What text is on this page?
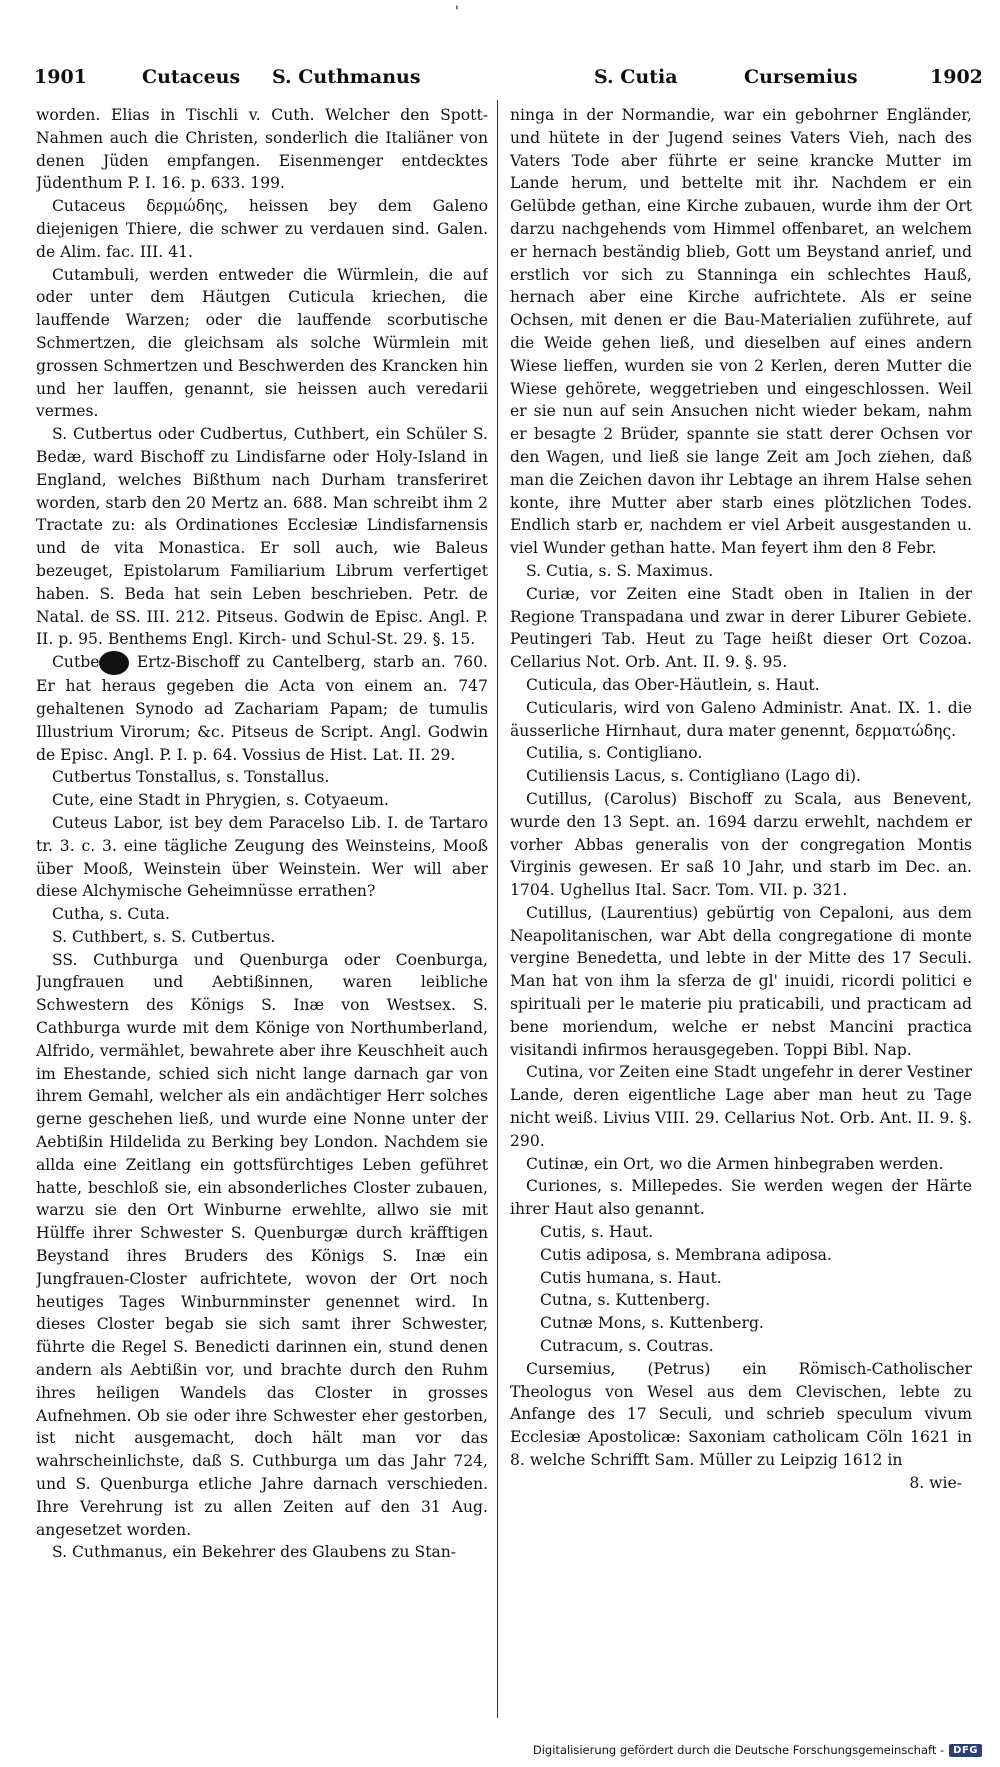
'
1901	Cutaceus S. Cuthmanus	S. Cutia	Cursemius	1902

worden. Elias in Tischli v. Cuth. Welcher den Spott-Nahmen auch die Christen, sonderlich die Italiäner von denen Jüden empfangen. Eisenmenger entdecktes Jüdenthum P. I. 16. p. 633. 199.

Cutaceus δερμώδης, heissen bey dem Galeno diejenigen Thiere, die schwer zu verdauen sind. Galen. de Alim. fac. III. 41.

Cutambuli, werden entweder die Würmlein, die auf oder unter dem Häutgen Cuticula kriechen, die lauffende Warzen; oder die lauffende scorbutische Schmertzen, die gleichsam als solche Würmlein mit grossen Schmertzen und Beschwerden des Krancken hin und her lauffen, genannt, sie heissen auch veredarii vermes.

S. Cutbertus oder Cudbertus, Cuthbert, ein Schüler S. Bedæ, ward Bischoff zu Lindisfarne oder Holy-Island in England, welches Bißthum nach Durham transferiret worden, starb den 20 Mertz an. 688. Man schreibt ihm 2 Tractate zu: als Ordinationes Ecclesiæ Lindisfarnensis und de vita Monastica. Er soll auch, wie Baleus bezeuget, Epistolarum Familiarium Librum verfertiget haben. S. Beda hat sein Leben beschrieben. Petr. de Natal. de SS. III. 212. Pitseus. Godwin de Episc. Angl. P. II. p. 95. Benthems Engl. Kirch- und Schul-St. 29. §. 15.

Cutbe Ertz-Bischoff zu Cantelberg, starb an. 760. Er hat heraus gegeben die Acta von einem an. 747 gehaltenen Synodo ad Zachariam Papam; de tumulis Illustrium Virorum; &c. Pitseus de Script. Angl. Godwin de Episc. Angl. P. I. p. 64. Vossius de Hist. Lat. II. 29.

Cutbertus Tonstallus, s. Tonstallus.

Cute, eine Stadt in Phrygien, s. Cotyaeum.

Cuteus Labor, ist bey dem Paracelso Lib. I. de Tartaro tr. 3. c. 3. eine tägliche Zeugung des Weinsteins, Mooß über Mooß, Weinstein über Weinstein. Wer will aber diese Alchymische Geheimnüsse errathen?

Cutha, s. Cuta.

S. Cuthbert, s. S. Cutbertus.

SS. Cuthburga und Quenburga oder Coenburga, Jungfrauen und Aebtißinnen, waren leibliche Schwestern des Königs S. Inæ von Westsex. S. Cathburga wurde mit dem Könige von Northumberland, Alfrido, vermählet, bewahrete aber ihre Keuschheit auch im Ehestande, schied sich nicht lange darnach gar von ihrem Gemahl, welcher als ein andächtiger Herr solches gerne geschehen ließ, und wurde eine Nonne unter der Aebtißin Hildelida zu Berking bey London. Nachdem sie allda eine Zeitlang ein gottsfürchtiges Leben geführet hatte, beschloß sie, ein absonderliches Closter zubauen, warzu sie den Ort Winburne erwehlte, allwo sie mit Hülffe ihrer Schwester S. Quenburgæ durch kräfftigen Beystand ihres Bruders des Königs S. Inæ ein Jungfrauen-Closter aufrichtete, wovon der Ort noch heutiges Tages Winburnminster genennet wird. In dieses Closter begab sie sich samt ihrer Schwester, führte die Regel S. Benedicti darinnen ein, stund denen andern als Aebtißin vor, und brachte durch den Ruhm ihres heiligen Wandels das Closter in grosses Aufnehmen. Ob sie oder ihre Schwester eher gestorben, ist nicht ausgemacht, doch hält man vor das wahrscheinlichste, daß S. Cuthburga um das Jahr 724, und S. Quenburga etliche Jahre darnach verschieden. Ihre Verehrung ist zu allen Zeiten auf den 31 Aug. angesetzet worden.

S. Cuthmanus, ein Bekehrer des Glaubens zu Stan-

ninga in der Normandie, war ein gebohrner Engländer, und hütete in der Jugend seines Vaters Vieh, nach des Vaters Tode aber führte er seine krancke Mutter im Lande herum, und bettelte mit ihr. Nachdem er ein Gelübde gethan, eine Kirche zubauen, wurde ihm der Ort darzu nachgehends vom Himmel offenbaret, an welchem er hernach beständig blieb, Gott um Beystand anrief, und erstlich vor sich zu Stanninga ein schlechtes Hauß, hernach aber eine Kirche aufrichtete. Als er seine Ochsen, mit denen er die Bau-Materialien zuführete, auf die Weide gehen ließ, und dieselben auf eines andern Wiese lieffen, wurden sie von 2 Kerlen, deren Mutter die Wiese gehörete, weggetrieben und eingeschlossen. Weil er sie nun auf sein Ansuchen nicht wieder bekam, nahm er besagte 2 Brüder, spannte sie statt derer Ochsen vor den Wagen, und ließ sie lange Zeit am Joch ziehen, daß man die Zeichen davon ihr Lebtage an ihrem Halse sehen konte, ihre Mutter aber starb eines plötzlichen Todes. Endlich starb er, nachdem er viel Arbeit ausgestanden u. viel Wunder gethan hatte. Man feyert ihm den 8 Febr.

S. Cutia, s. S. Maximus.

Curiæ, vor Zeiten eine Stadt oben in Italien in der Regione Transpadana und zwar in derer Liburer Gebiete. Peutingeri Tab. Heut zu Tage heißt dieser Ort Cozoa. Cellarius Not. Orb. Ant. II. 9. §. 95.

Cuticula, das Ober-Häutlein, s. Haut.

Cuticularis, wird von Galeno Administr. Anat. IX. 1. die äusserliche Hirnhaut, dura mater genennt, δερματώδης.

Cutilia, s. Contigliano.

Cutiliensis Lacus, s. Contigliano (Lago di).

Cutillus, (Carolus) Bischoff zu Scala, aus Benevent, wurde den 13 Sept. an. 1694 darzu erwehlt, nachdem er vorher Abbas generalis von der congregation Montis Virginis gewesen. Er saß 10 Jahr, und starb im Dec. an. 1704. Ughellus Ital. Sacr. Tom. VII. p. 321.

Cutillus, (Laurentius) gebürtig von Cepaloni, aus dem Neapolitanischen, war Abt della congregatione di monte vergine Benedetta, und lebte in der Mitte des 17 Seculi. Man hat von ihm la sferza de gl' inuidi, ricordi politici e spirituali per le materie piu praticabili, und practicam ad bene moriendum, welche er nebst Mancini practica visitandi infirmos herausgegeben. Toppi Bibl. Nap.

Cutina, vor Zeiten eine Stadt ungefehr in derer Vestiner Lande, deren eigentliche Lage aber man heut zu Tage nicht weiß. Livius VIII. 29. Cellarius Not. Orb. Ant. II. 9. §. 290.

Cutinæ, ein Ort, wo die Armen hinbegraben werden.

Curiones, s. Millepedes. Sie werden wegen der Härte ihrer Haut also genannt.

Cutis, s. Haut.

Cutis adiposa, s. Membrana adiposa.

Cutis humana, s. Haut.

Cutna, s. Kuttenberg.

Cutnæ Mons, s. Kuttenberg.

Cutracum, s. Coutras.

Cursemius, (Petrus) ein Römisch-Catholischer Theologus von Wesel aus dem Clevischen, lebte zu Anfange des 17 Seculi, und schrieb speculum vivum Ecclesiæ Apostolicæ: Saxoniam catholicam Cöln 1621 in 8. welche Schrifft Sam. Müller zu Leipzig 1612 in

8. wie-

Digitalisierung gefördert durch die Deutsche Forschungsgemeinschaft - DFG
